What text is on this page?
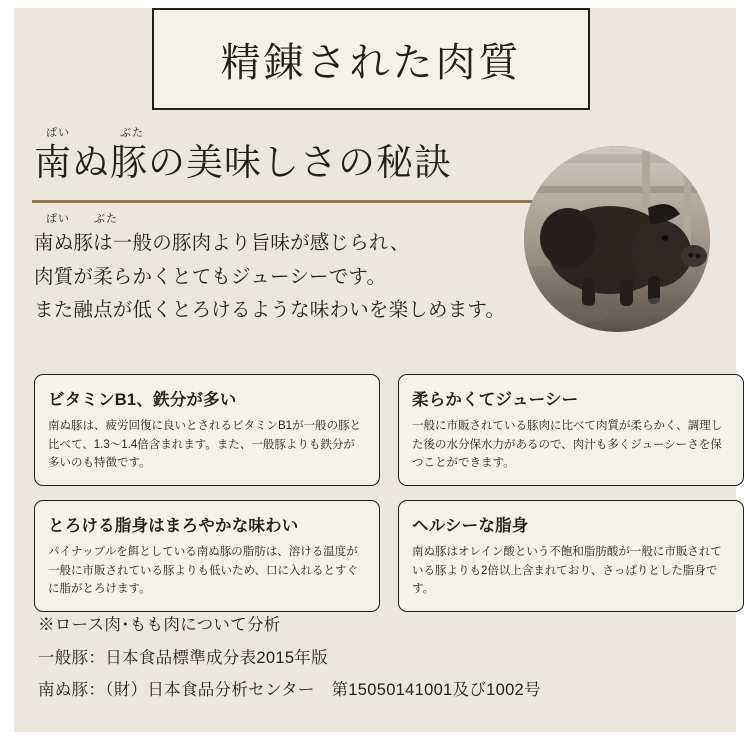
精錬された肉質
ぱい	ぶた
南ぬ豚の美味しさの秘訣
ぱい ぶた
南ぬ豚は一般の豚肉より旨味が感じられ、
肉質が柔らかくとてもジューシーです。
また融点が低くとろけるような味わいを楽しめます。
ビタミンB1、鉄分が多い
南ぬ豚は、疲労回復に良いとされるビタミンB1が一般の豚と比べて、1.3〜1.4倍含まれます。また、一般豚よりも鉄分が多いのも特徴です。
柔らかくてジューシー
一般に市販されている豚肉に比べて肉質が柔らかく、調理した後の水分保水力があるので、肉汁も多くジューシーさを保つことができます。
とろける脂身はまろやかな味わい
パイナップルを餌としている南ぬ豚の脂肪は、溶ける温度が一般に市販されている豚よりも低いため、口に入れるとすぐに脂がとろけます。
ヘルシーな脂身
南ぬ豚はオレイン酸という不飽和脂肪酸が一般に市販されている豚よりも2倍以上含まれており、さっぱりとした脂身です。
※ロース肉･もも肉について分析
一般豚：日本食品標準成分表2015年版
南ぬ豚：（財）日本食品分析センター　第15050141001及び1002号
